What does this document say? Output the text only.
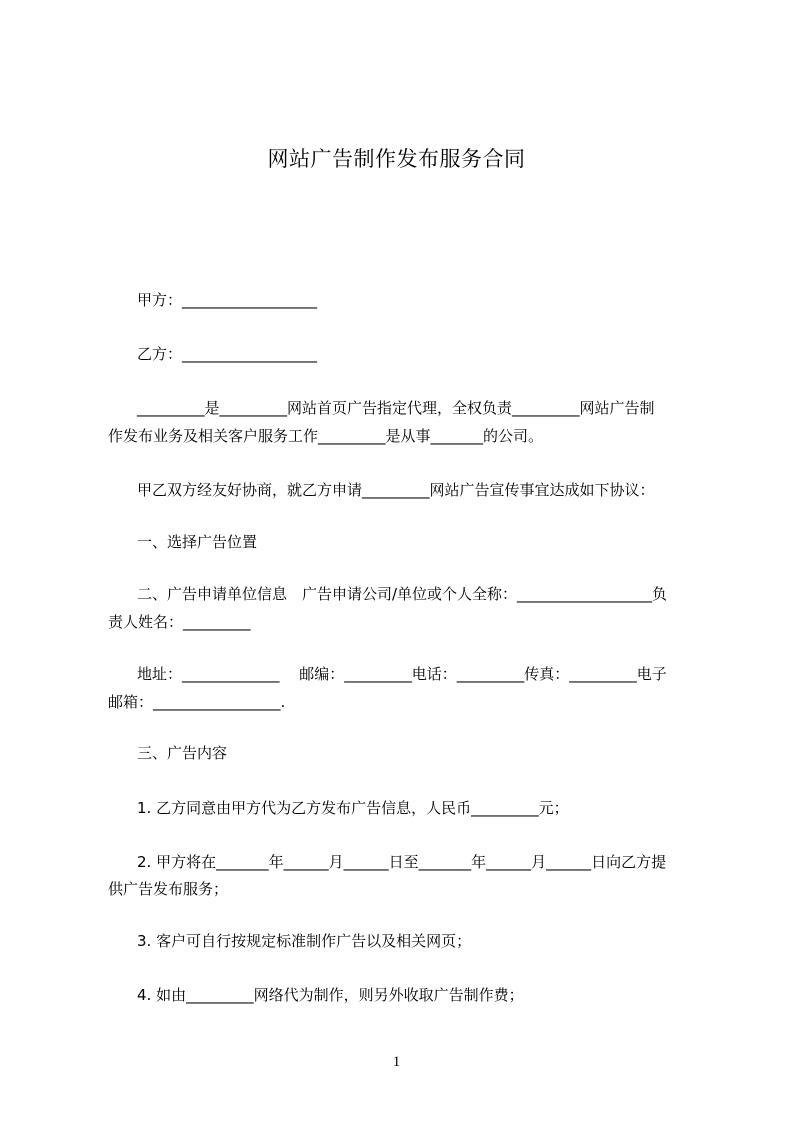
网站广告制作发布服务合同

甲方：__________________

乙方：__________________

_________是_________网站首页广告指定代理，全权负责_________网站广告制

作发布业务及相关客户服务工作_________是从事_______的公司。

甲乙双方经友好协商，就乙方申请_________网站广告宣传事宜达成如下协议：

一、选择广告位置

二、广告申请单位信息　广告申请公司/单位或个人全称：__________________负

责人姓名：_________

地址：_____________　 邮编：_________电话：_________传真：_________电子

邮箱：_________________.

三、广告内容

1. 乙方同意由甲方代为乙方发布广告信息，人民币_________元；

2. 甲方将在_______年______月______日至_______年______月______日向乙方提

供广告发布服务；

3. 客户可自行按规定标准制作广告以及相关网页；

4. 如由_________网络代为制作，则另外收取广告制作费；

1
